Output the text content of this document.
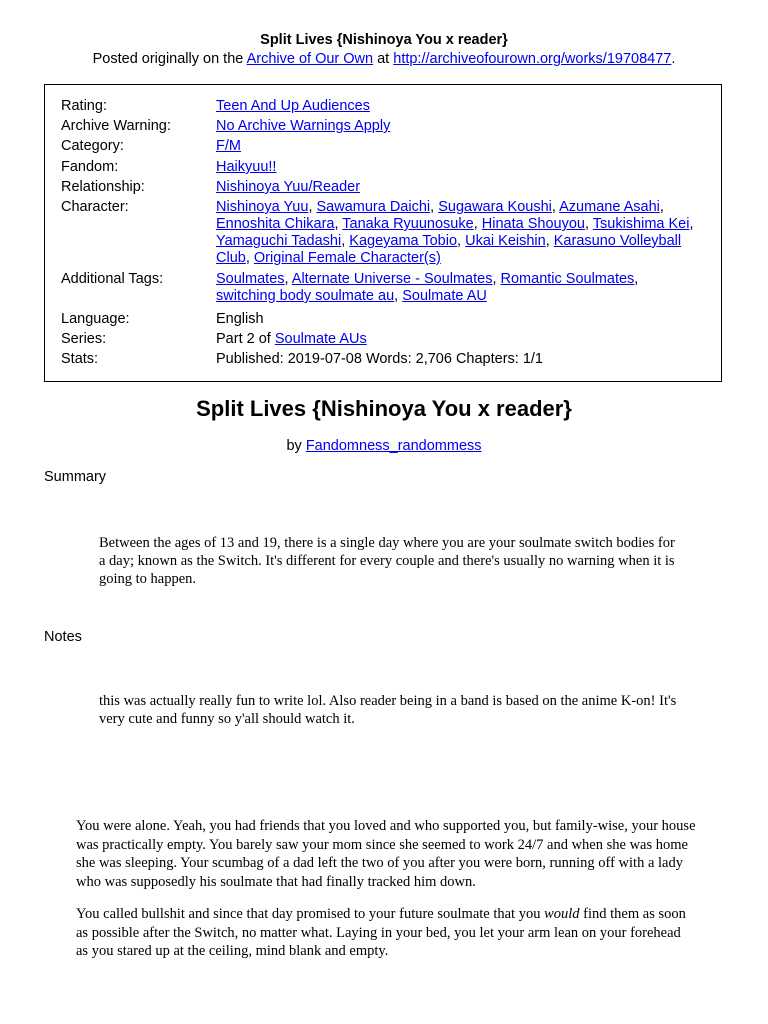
Split Lives {Nishinoya You x reader}
Posted originally on the Archive of Our Own at http://archiveofourown.org/works/19708477.
Rating:	Teen And Up Audiences
Archive Warning:	No Archive Warnings Apply
Category:	F/M
Fandom:	Haikyuu!!
Relationship:	Nishinoya Yuu/Reader
Character:	Nishinoya Yuu, Sawamura Daichi, Sugawara Koushi, Azumane Asahi,
Ennoshita Chikara, Tanaka Ryuunosuke, Hinata Shouyou, Tsukishima Kei, Yamaguchi Tadashi, Kageyama Tobio, Ukai Keishin, Karasuno Volleyball Club, Original Female Character(s)
Additional Tags:	Soulmates, Alternate Universe - Soulmates, Romantic Soulmates,
switching body soulmate au, Soulmate AU
Language:	English
Series:	Part 2 of Soulmate AUs
Stats:	Published: 2019-07-08 Words: 2,706 Chapters: 1/1
Split Lives {Nishinoya You x reader}
by Fandomness_randommess
Summary
Between the ages of 13 and 19, there is a single day where you are your soulmate switch bodies for a day; known as the Switch. It's different for every couple and there's usually no warning when it is going to happen.
Notes
this was actually really fun to write lol. Also reader being in a band is based on the anime K-on! It's very cute and funny so y'all should watch it.
You were alone. Yeah, you had friends that you loved and who supported you, but family-wise, your house was practically empty. You barely saw your mom since she seemed to work 24/7 and when she was home she was sleeping. Your scumbag of a dad left the two of you after you were born, running off with a lady who was supposedly his soulmate that had finally tracked him down.
You called bullshit and since that day promised to your future soulmate that you would find them as soon as possible after the Switch, no matter what. Laying in your bed, you let your arm lean on your forehead as you stared up at the ceiling, mind blank and empty.
